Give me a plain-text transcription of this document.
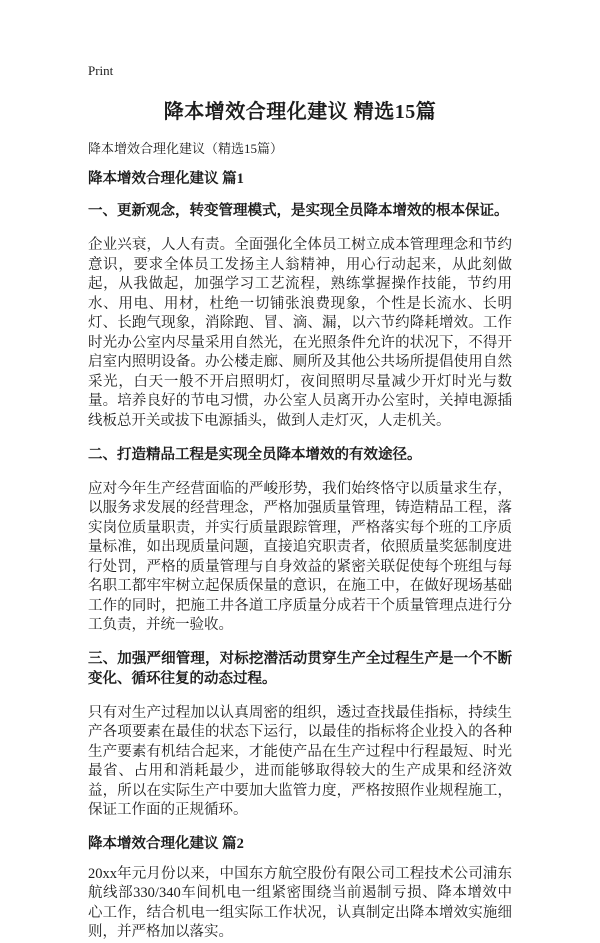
Print
降本增效合理化建议 精选15篇
降本增效合理化建议（精选15篇）
降本增效合理化建议 篇1
一、更新观念，转变管理模式，是实现全员降本增效的根本保证。

企业兴衰，人人有责。全面强化全体员工树立成本管理理念和节约意识，要求全体员工发扬主人翁精神，用心行动起来，从此刻做起，从我做起，加强学习工艺流程，熟练掌握操作技能，节约用水、用电、用材，杜绝一切铺张浪费现象，个性是长流水、长明灯、长跑气现象，消除跑、冒、滴、漏，以六节约降耗增效。工作时光办公室内尽量采用自然光，在光照条件允许的状况下，不得开启室内照明设备。办公楼走廊、厕所及其他公共场所提倡使用自然采光，白天一般不开启照明灯，夜间照明尽量减少开灯时光与数量。培养良好的节电习惯，办公室人员离开办公室时，关掉电源插线板总开关或拔下电源插头，做到人走灯灭，人走机关。

二、打造精品工程是实现全员降本增效的有效途径。

应对今年生产经营面临的严峻形势，我们始终恪守以质量求生存，以服务求发展的经营理念，严格加强质量管理，铸造精品工程，落实岗位质量职责，并实行质量跟踪管理，严格落实每个班的工序质量标准，如出现质量问题，直接追究职责者，依照质量奖惩制度进行处罚，严格的质量管理与自身效益的紧密关联促使每个班组与每名职工都牢牢树立起保质保量的意识，在施工中，在做好现场基础工作的同时，把施工井各道工序质量分成若干个质量管理点进行分工负责，并统一验收。

三、加强严细管理，对标挖潜活动贯穿生产全过程生产是一个不断变化、循环往复的动态过程。

只有对生产过程加以认真周密的组织，透过查找最佳指标，持续生产各项要素在最佳的状态下运行，以最佳的指标将企业投入的各种生产要素有机结合起来，才能使产品在生产过程中行程最短、时光最省、占用和消耗最少，进而能够取得较大的生产成果和经济效益，所以在实际生产中要加大监管力度，严格按照作业规程施工，保证工作面的正规循环。

降本增效合理化建议 篇2

20xx年元月份以来，中国东方航空股份有限公司工程技术公司浦东航线部330/340车间机电一组紧密围绕当前遏制亏损、降本增效中心工作，结合机电一组实际工作状况，认真制定出降本增效实施细则，并严格加以落实。
